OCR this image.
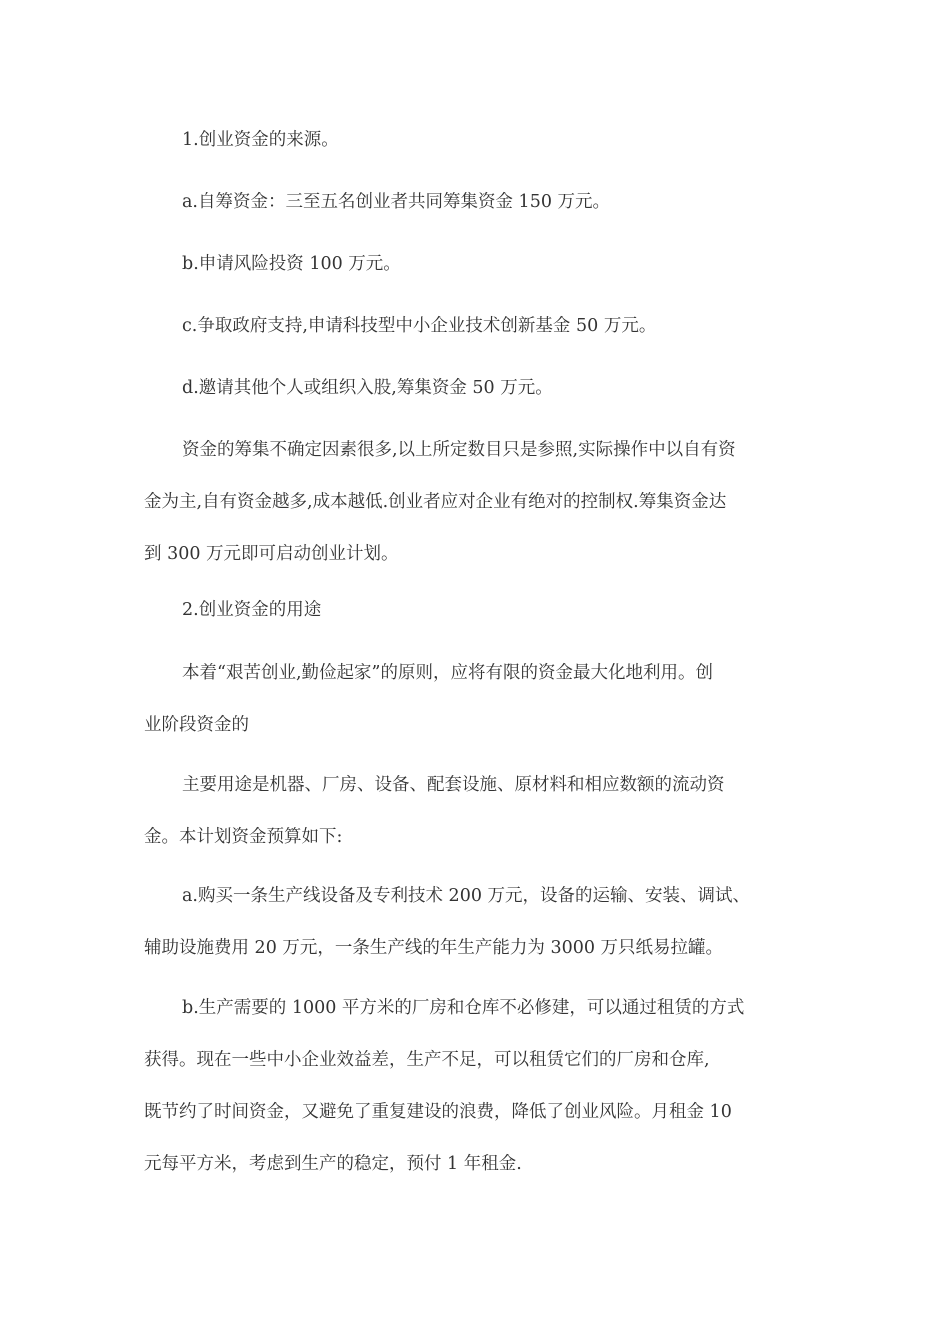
1.创业资金的来源。

a.自筹资金：三至五名创业者共同筹集资金 150 万元。

b.申请风险投资 100 万元。

c.争取政府支持,申请科技型中小企业技术创新基金 50 万元。

d.邀请其他个人或组织入股,筹集资金 50 万元。

资金的筹集不确定因素很多,以上所定数目只是参照,实际操作中以自有资
金为主,自有资金越多,成本越低.创业者应对企业有绝对的控制权.筹集资金达
到 300 万元即可启动创业计划。

2.创业资金的用途

本着“艰苦创业,勤俭起家”的原则，应将有限的资金最大化地利用。创
业阶段资金的

主要用途是机器、厂房、设备、配套设施、原材料和相应数额的流动资
金。本计划资金预算如下:

a.购买一条生产线设备及专利技术 200 万元，设备的运输、安装、调试、
辅助设施费用 20 万元，一条生产线的年生产能力为 3000 万只纸易拉罐。

b.生产需要的 1000 平方米的厂房和仓库不必修建，可以通过租赁的方式
获得。现在一些中小企业效益差，生产不足，可以租赁它们的厂房和仓库,
既节约了时间资金，又避免了重复建设的浪费，降低了创业风险。月租金 10
元每平方米，考虑到生产的稳定，预付 1 年租金.
